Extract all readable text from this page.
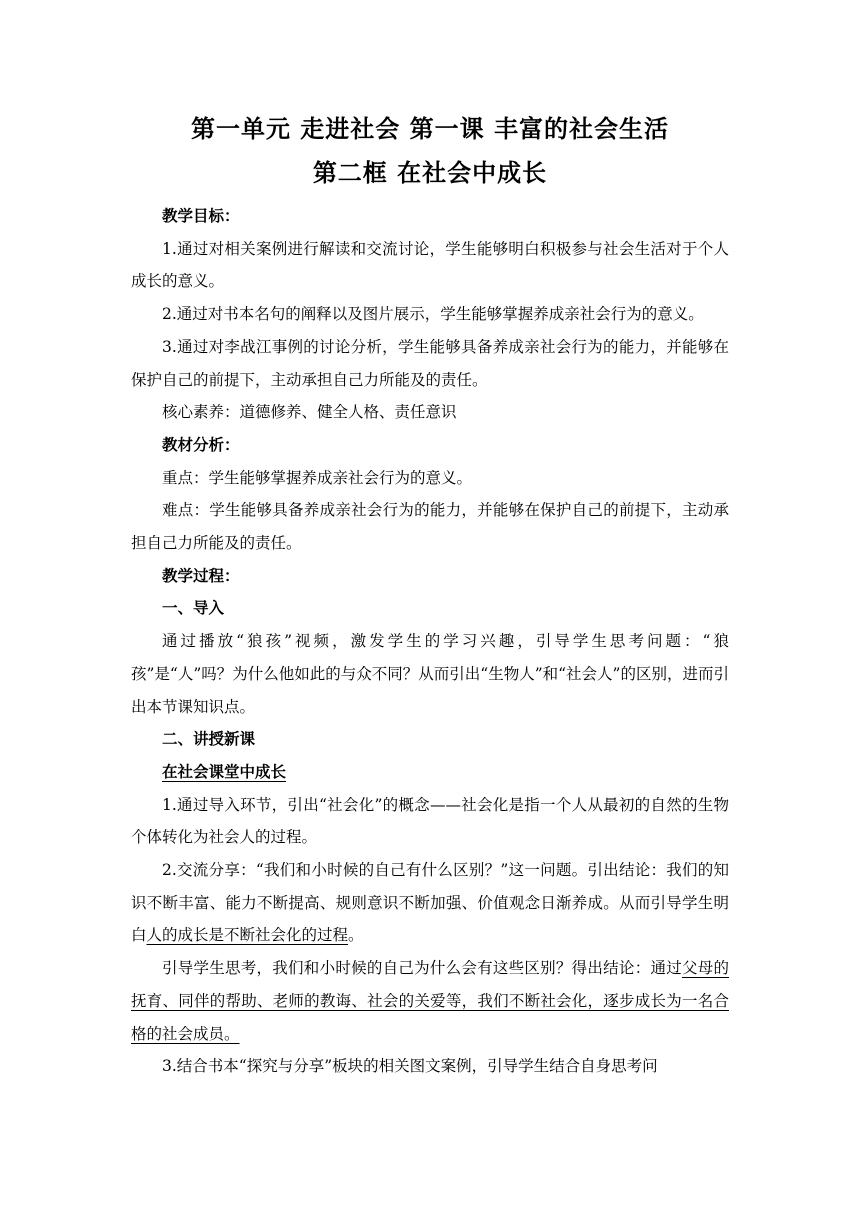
第一单元 走进社会 第一课 丰富的社会生活
第二框 在社会中成长

教学目标：

1.通过对相关案例进行解读和交流讨论，学生能够明白积极参与社会生活对于个人成长的意义。

2.通过对书本名句的阐释以及图片展示，学生能够掌握养成亲社会行为的意义。

3.通过对李战江事例的讨论分析，学生能够具备养成亲社会行为的能力，并能够在保护自己的前提下，主动承担自己力所能及的责任。

核心素养：道德修养、健全人格、责任意识

教材分析：

重点：学生能够掌握养成亲社会行为的意义。

难点：学生能够具备养成亲社会行为的能力，并能够在保护自己的前提下，主动承担自己力所能及的责任。

教学过程：

一、导入

通过播放“狼孩”视频，激发学生的学习兴趣，引导学生思考问题：“狼孩”是“人”吗？为什么他如此的与众不同？从而引出“生物人”和“社会人”的区别，进而引出本节课知识点。

二、讲授新课

在社会课堂中成长

1.通过导入环节，引出“社会化”的概念——社会化是指一个人从最初的自然的生物个体转化为社会人的过程。

2.交流分享：“我们和小时候的自己有什么区别？”这一问题。引出结论：我们的知识不断丰富、能力不断提高、规则意识不断加强、价值观念日渐养成。从而引导学生明白人的成长是不断社会化的过程。

引导学生思考，我们和小时候的自己为什么会有这些区别？得出结论：通过父母的抚育、同伴的帮助、老师的教诲、社会的关爱等，我们不断社会化，逐步成长为一名合格的社会成员。

3.结合书本“探究与分享”板块的相关图文案例，引导学生结合自身思考问
